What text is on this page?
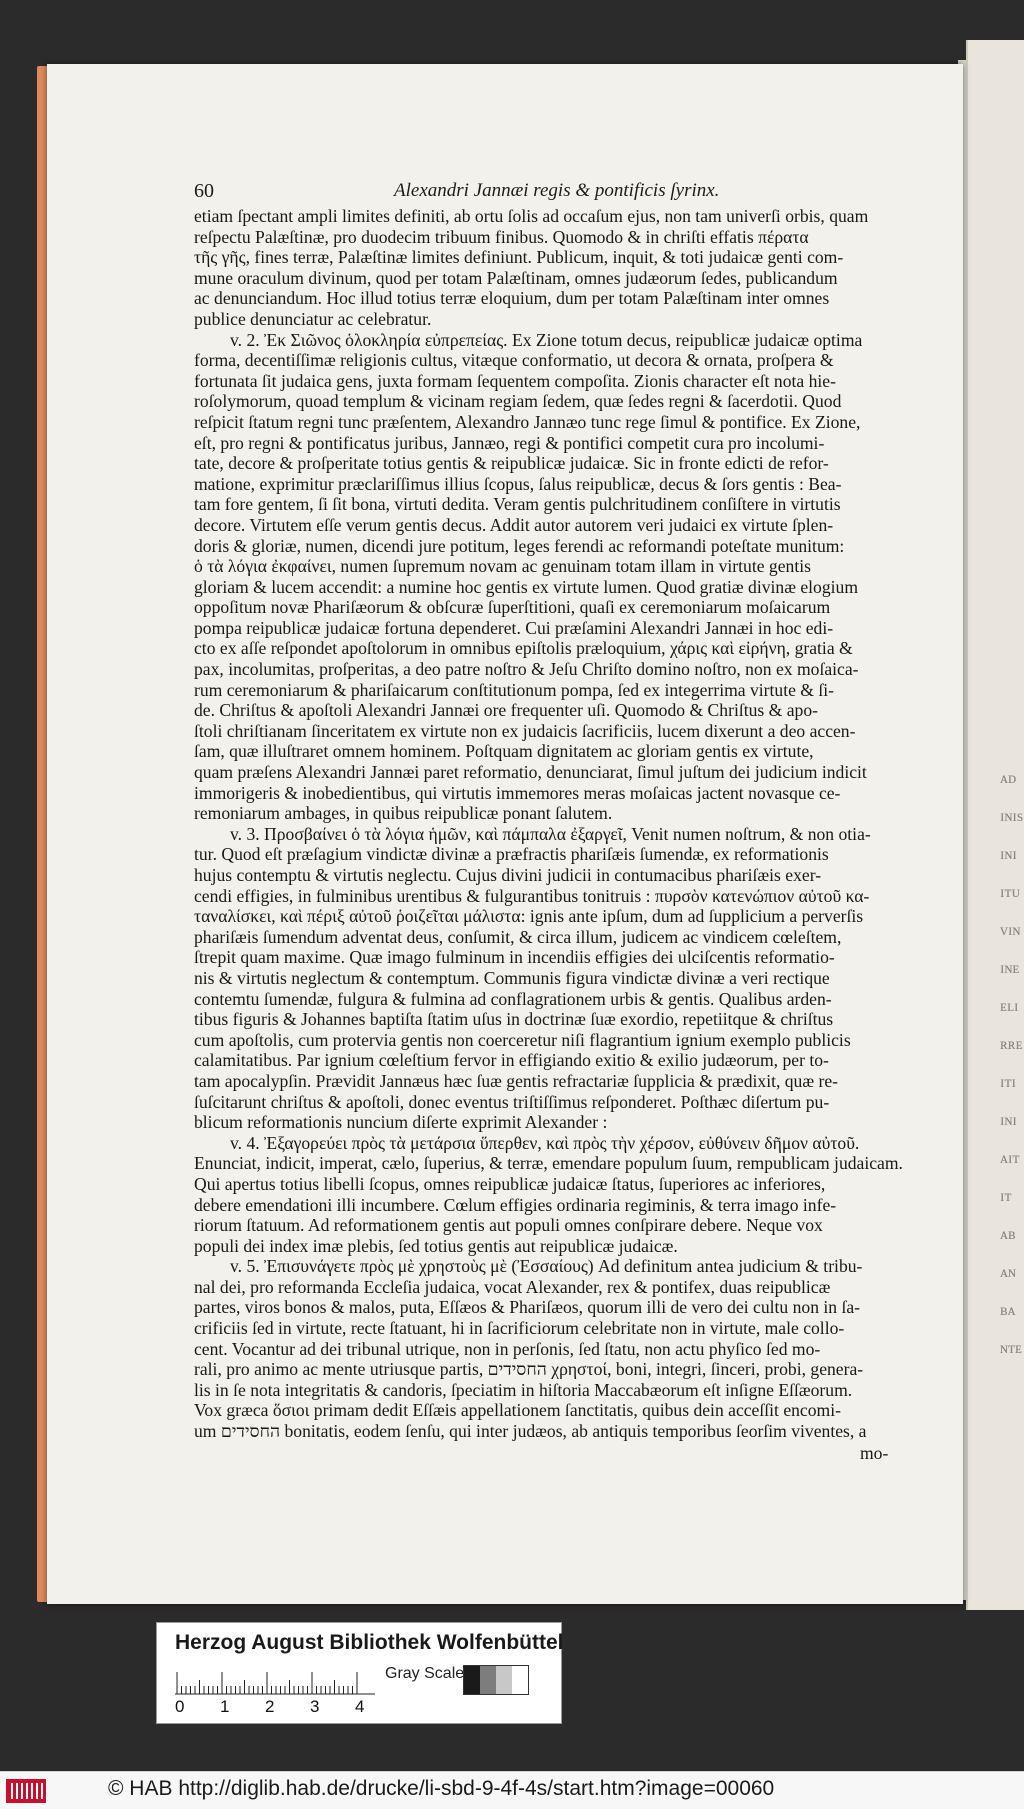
ᴀᴅ
ɪɴɪs
ɪɴɪ
ɪᴛᴜ
ᴠɪɴ
ɪɴᴇ
ᴇʟɪ
ʀʀᴇ
ɪᴛɪ
ɪɴɪ
ᴀɪᴛ
ɪᴛ
ᴀʙ
ᴀɴ
ʙᴀ
ɴᴛᴇ
60	Alexandri Jannæi regis & pontificis ſyrinx.

etiam ſpectant ampli limites definiti, ab ortu ſolis ad occaſum ejus, non tam univerſi orbis, quam

reſpectu Palæſtinæ, pro duodecim tribuum finibus. Quomodo & in chriſti effatis πέρατα

τῆς γῆς, fines terræ, Palæſtinæ limites definiunt. Publicum, inquit, & toti judaicæ genti com-

mune oraculum divinum, quod per totam Palæſtinam, omnes judæorum ſedes, publicandum

ac denunciandum. Hoc illud totius terræ eloquium, dum per totam Palæſtinam inter omnes

publice denunciatur ac celebratur.

v. 2. Ἐκ Σιῶνος ὁλοκληρία εὐπρεπείας. Ex Zione totum decus, reipublicæ judaicæ optima

forma, decentiſſimæ religionis cultus, vitæque conformatio, ut decora & ornata, proſpera &

fortunata ſit judaica gens, juxta formam ſequentem compoſita. Zionis character eſt nota hie-

roſolymorum, quoad templum & vicinam regiam ſedem, quæ ſedes regni & ſacerdotii. Quod

reſpicit ſtatum regni tunc præſentem, Alexandro Jannæo tunc rege ſimul & pontifice. Ex Zione,

eſt, pro regni & pontificatus juribus, Jannæo, regi & pontifici competit cura pro incolumi-

tate, decore & proſperitate totius gentis & reipublicæ judaicæ. Sic in fronte edicti de refor-

matione, exprimitur præclariſſimus illius ſcopus, ſalus reipublicæ, decus & ſors gentis : Bea-

tam fore gentem, ſi ſit bona, virtuti dedita. Veram gentis pulchritudinem conſiſtere in virtutis

decore. Virtutem eſſe verum gentis decus. Addit autor autorem veri judaici ex virtute ſplen-

doris & gloriæ, numen, dicendi jure potitum, leges ferendi ac reformandi poteſtate munitum:

ὁ τὰ λόγια ἐκφαίνει, numen ſupremum novam ac genuinam totam illam in virtute gentis

gloriam & lucem accendit: a numine hoc gentis ex virtute lumen. Quod gratiæ divinæ elogium

oppoſitum novæ Phariſæorum & obſcuræ ſuperſtitioni, quaſi ex ceremoniarum moſaicarum

pompa reipublicæ judaicæ fortuna dependeret. Cui præſamini Alexandri Jannæi in hoc edi-

cto ex aſſe reſpondet apoſtolorum in omnibus epiſtolis præloquium, χάρις καὶ εἰρήνη, gratia &

pax, incolumitas, proſperitas, a deo patre noſtro & Jeſu Chriſto domino noſtro, non ex moſaica-

rum ceremoniarum & phariſaicarum conſtitutionum pompa, ſed ex integerrima virtute & ſi-

de. Chriſtus & apoſtoli Alexandri Jannæi ore frequenter uſi. Quomodo & Chriſtus & apo-

ſtoli chriſtianam ſinceritatem ex virtute non ex judaicis ſacrificiis, lucem dixerunt a deo accen-

ſam, quæ illuſtraret omnem hominem. Poſtquam dignitatem ac gloriam gentis ex virtute,

quam præſens Alexandri Jannæi paret reformatio, denunciarat, ſimul juſtum dei judicium indicit

immorigeris & inobedientibus, qui virtutis immemores meras moſaicas jactent novasque ce-

remoniarum ambages, in quibus reipublicæ ponant ſalutem.

v. 3. Προσβαίνει ὁ τὰ λόγια ἡμῶν, καὶ πάμπαλα ἐξαργεῖ, Venit numen noſtrum, & non otia-

tur. Quod eſt præſagium vindictæ divinæ a præfractis phariſæis ſumendæ, ex reformationis

hujus contemptu & virtutis neglectu. Cujus divini judicii in contumacibus phariſæis exer-

cendi effigies, in fulminibus urentibus & fulgurantibus tonitruis : πυρσὸν κατενώπιον αὐτοῦ κα-

ταναλίσκει, καὶ πέριξ αὐτοῦ ῥοιζεῖται μάλιστα: ignis ante ipſum, dum ad ſupplicium a perverſis

phariſæis ſumendum adventat deus, conſumit, & circa illum, judicem ac vindicem cœleſtem,

ſtrepit quam maxime. Quæ imago fulminum in incendiis effigies dei ulciſcentis reformatio-

nis & virtutis neglectum & contemptum. Communis figura vindictæ divinæ a veri rectique

contemtu ſumendæ, fulgura & fulmina ad conflagrationem urbis & gentis. Qualibus arden-

tibus figuris & Johannes baptiſta ſtatim uſus in doctrinæ ſuæ exordio, repetiitque & chriſtus

cum apoſtolis, cum protervia gentis non coerceretur niſi flagrantium ignium exemplo publicis

calamitatibus. Par ignium cœleſtium fervor in effigiando exitio & exilio judæorum, per to-

tam apocalypſin. Prævidit Jannæus hæc ſuæ gentis refractariæ ſupplicia & prædixit, quæ re-

ſuſcitarunt chriſtus & apoſtoli, donec eventus triſtiſſimus reſponderet. Poſthæc diſertum pu-

blicum reformationis nuncium diſerte exprimit Alexander :

v. 4. Ἐξαγορεύει πρὸς τὰ μετάρσια ὕπερθεν, καὶ πρὸς τὴν χέρσον, εὐθύνειν δῆμον αὐτοῦ.

Enunciat, indicit, imperat, cælo, ſuperius, & terræ, emendare populum ſuum, rempublicam judaicam.

Qui apertus totius libelli ſcopus, omnes reipublicæ judaicæ ſtatus, ſuperiores ac inferiores,

debere emendationi illi incumbere. Cœlum effigies ordinaria regiminis, & terra imago infe-

riorum ſtatuum. Ad reformationem gentis aut populi omnes conſpirare debere. Neque vox

populi dei index imæ plebis, ſed totius gentis aut reipublicæ judaicæ.

v. 5. Ἐπισυνάγετε πρὸς μὲ χρηστοὺς μὲ (Ἐσσαίους) Ad definitum antea judicium & tribu-

nal dei, pro reformanda Eccleſia judaica, vocat Alexander, rex & pontifex, duas reipublicæ

partes, viros bonos & malos, puta, Eſſæos & Phariſæos, quorum illi de vero dei cultu non in ſa-

crificiis ſed in virtute, recte ſtatuant, hi in ſacrificiorum celebritate non in virtute, male collo-

cent. Vocantur ad dei tribunal utrique, non in perſonis, ſed ſtatu, non actu phyſico ſed mo-

rali, pro animo ac mente utriusque partis, החסידים χρηστοί, boni, integri, ſinceri, probi, genera-

lis in ſe nota integritatis & candoris, ſpeciatim in hiſtoria Maccabæorum eſt inſigne Eſſæorum.

Vox græca ὅσιοι primam dedit Eſſæis appellationem ſanctitatis, quibus dein acceſſit encomi-

um החסידים bonitatis, eodem ſenſu, qui inter judæos, ab antiquis temporibus ſeorſim viventes, a

mo-
Herzog August Bibliothek Wolfenbüttel
Gray Scale
0 1 2 3 4
© HAB http://diglib.hab.de/drucke/li-sbd-9-4f-4s/start.htm?image=00060
